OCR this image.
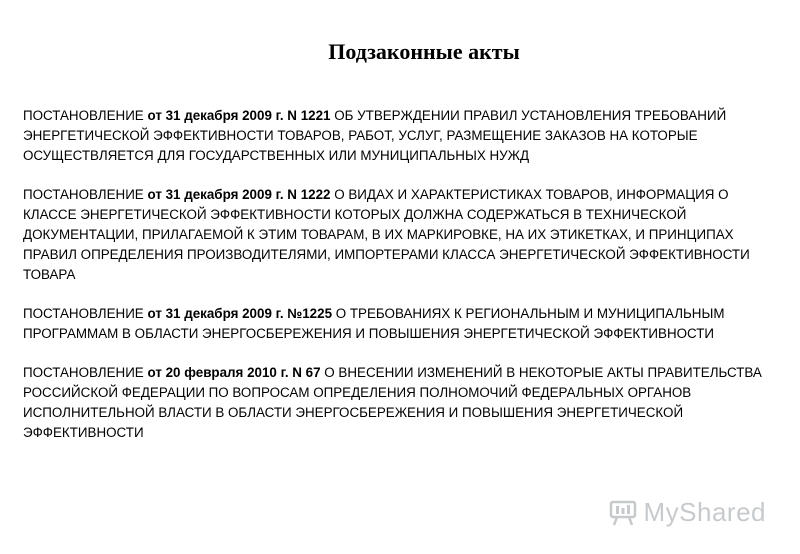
Подзаконные акты

ПОСТАНОВЛЕНИЕ от 31 декабря 2009 г. N 1221 ОБ УТВЕРЖДЕНИИ ПРАВИЛ УСТАНОВЛЕНИЯ ТРЕБОВАНИЙ ЭНЕРГЕТИЧЕСКОЙ ЭФФЕКТИВНОСТИ ТОВАРОВ, РАБОТ, УСЛУГ, РАЗМЕЩЕНИЕ ЗАКАЗОВ НА КОТОРЫЕ ОСУЩЕСТВЛЯЕТСЯ ДЛЯ ГОСУДАРСТВЕННЫХ ИЛИ МУНИЦИПАЛЬНЫХ НУЖД

ПОСТАНОВЛЕНИЕ от 31 декабря 2009 г. N 1222 О ВИДАХ И ХАРАКТЕРИСТИКАХ ТОВАРОВ, ИНФОРМАЦИЯ О КЛАССЕ ЭНЕРГЕТИЧЕСКОЙ ЭФФЕКТИВНОСТИ КОТОРЫХ ДОЛЖНА СОДЕРЖАТЬСЯ В ТЕХНИЧЕСКОЙ ДОКУМЕНТАЦИИ, ПРИЛАГАЕМОЙ К ЭТИМ ТОВАРАМ, В ИХ МАРКИРОВКЕ, НА ИХ ЭТИКЕТКАХ, И ПРИНЦИПАХ ПРАВИЛ ОПРЕДЕЛЕНИЯ ПРОИЗВОДИТЕЛЯМИ, ИМПОРТЕРАМИ КЛАССА ЭНЕРГЕТИЧЕСКОЙ ЭФФЕКТИВНОСТИ ТОВАРА

ПОСТАНОВЛЕНИЕ от 31 декабря 2009 г. №1225 О ТРЕБОВАНИЯХ К РЕГИОНАЛЬНЫМ И МУНИЦИПАЛЬНЫМ ПРОГРАММАМ В ОБЛАСТИ ЭНЕРГОСБЕРЕЖЕНИЯ И ПОВЫШЕНИЯ ЭНЕРГЕТИЧЕСКОЙ ЭФФЕКТИВНОСТИ

ПОСТАНОВЛЕНИЕ от 20 февраля 2010 г. N 67 О ВНЕСЕНИИ ИЗМЕНЕНИЙ В НЕКОТОРЫЕ АКТЫ ПРАВИТЕЛЬСТВА РОССИЙСКОЙ ФЕДЕРАЦИИ ПО ВОПРОСАМ ОПРЕДЕЛЕНИЯ ПОЛНОМОЧИЙ ФЕДЕРАЛЬНЫХ ОРГАНОВ ИСПОЛНИТЕЛЬНОЙ ВЛАСТИ В ОБЛАСТИ ЭНЕРГОСБЕРЕЖЕНИЯ И ПОВЫШЕНИЯ ЭНЕРГЕТИЧЕСКОЙ ЭФФЕКТИВНОСТИ

MyShared
